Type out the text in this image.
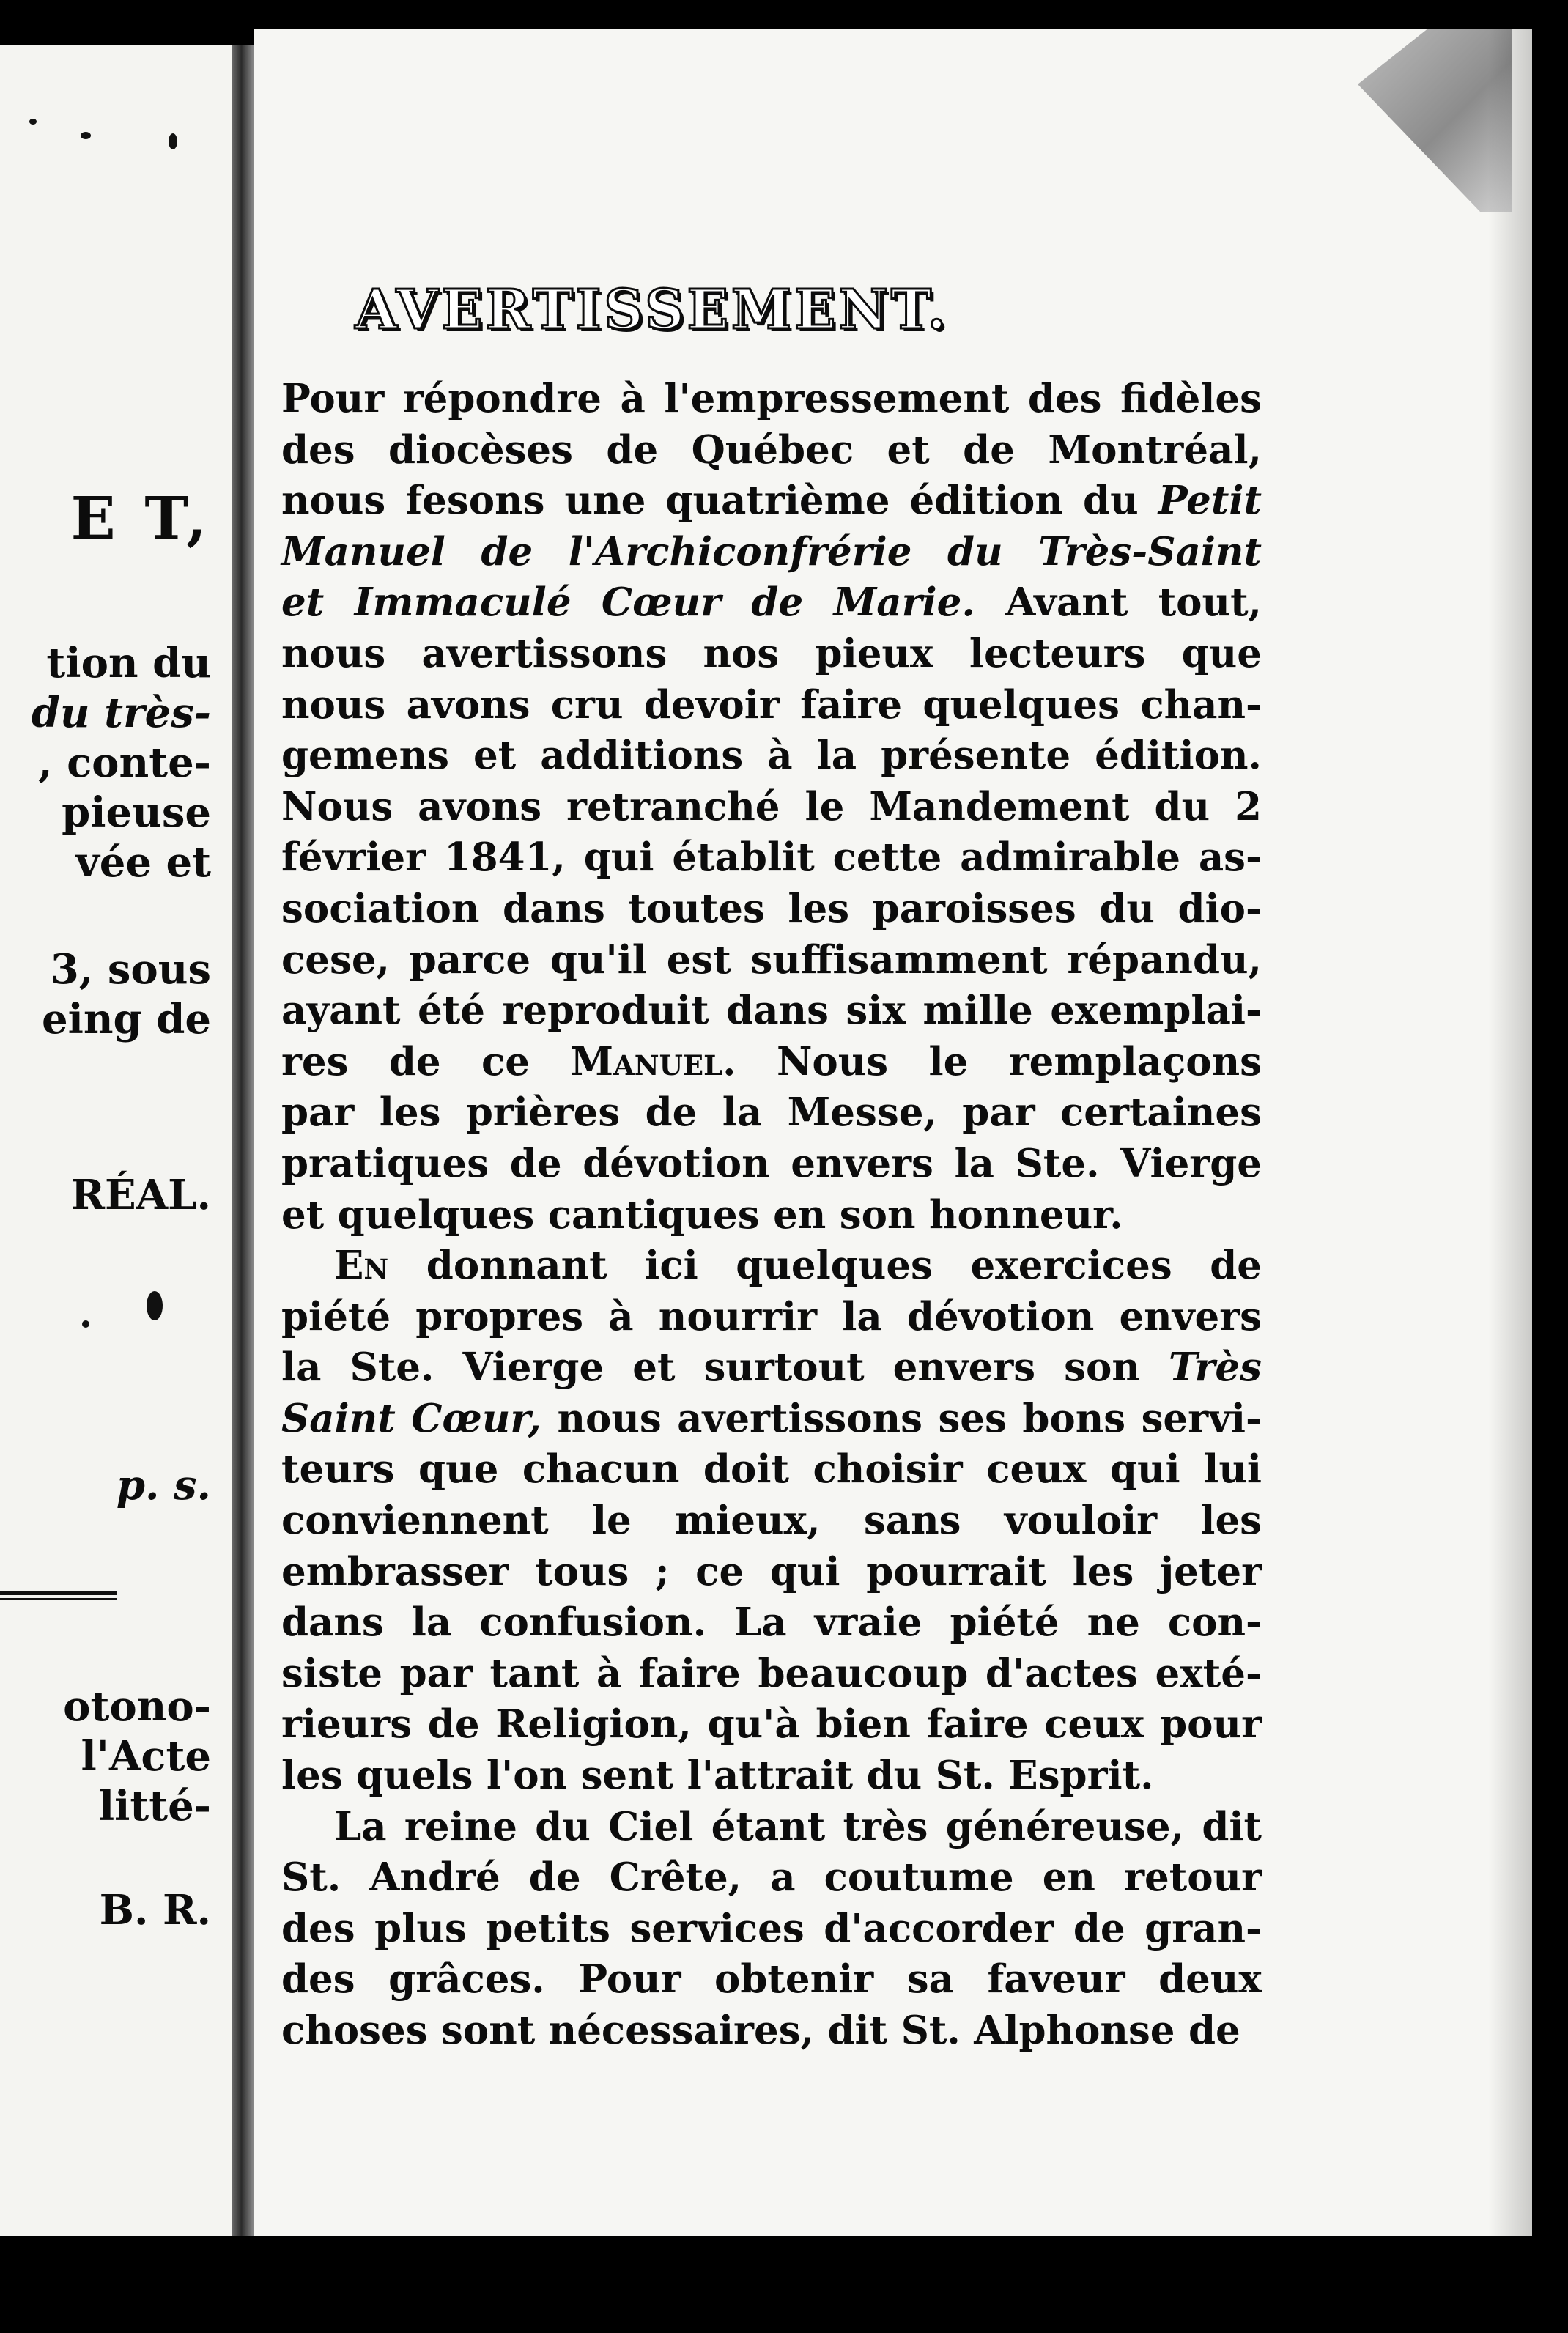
E T,
tion du
du très-
, conte-
pieuse
vée et
3, sous
eing de
RÉAL.
p. s.
otono-
l'Acte
litté-
B. R.
AVERTISSEMENT.
Pour répondre à l'empressement des fidèles
des diocèses de Québec et de Montréal,
nous fesons une quatrième édition du Petit
Manuel de l'Archiconfrérie du Très-Saint
et Immaculé Cœur de Marie. Avant tout,
nous avertissons nos pieux lecteurs que
nous avons cru devoir faire quelques chan-
gemens et additions à la présente édition.
Nous avons retranché le Mandement du 2
février 1841, qui établit cette admirable as-
sociation dans toutes les paroisses du dio-
cese, parce qu'il est suffisamment répandu,
ayant été reproduit dans six mille exemplai-
res de ce Manuel. Nous le remplaçons
par les prières de la Messe, par certaines
pratiques de dévotion envers la Ste. Vierge
et quelques cantiques en son honneur.
En donnant ici quelques exercices de
piété propres à nourrir la dévotion envers
la Ste. Vierge et surtout envers son Très
Saint Cœur, nous avertissons ses bons servi-
teurs que chacun doit choisir ceux qui lui
conviennent le mieux, sans vouloir les
embrasser tous ; ce qui pourrait les jeter
dans la confusion. La vraie piété ne con-
siste par tant à faire beaucoup d'actes exté-
rieurs de Religion, qu'à bien faire ceux pour
les quels l'on sent l'attrait du St. Esprit.
La reine du Ciel étant très généreuse, dit
St. André de Crête, a coutume en retour
des plus petits services d'accorder de gran-
des grâces. Pour obtenir sa faveur deux
choses sont nécessaires, dit St. Alphonse de
